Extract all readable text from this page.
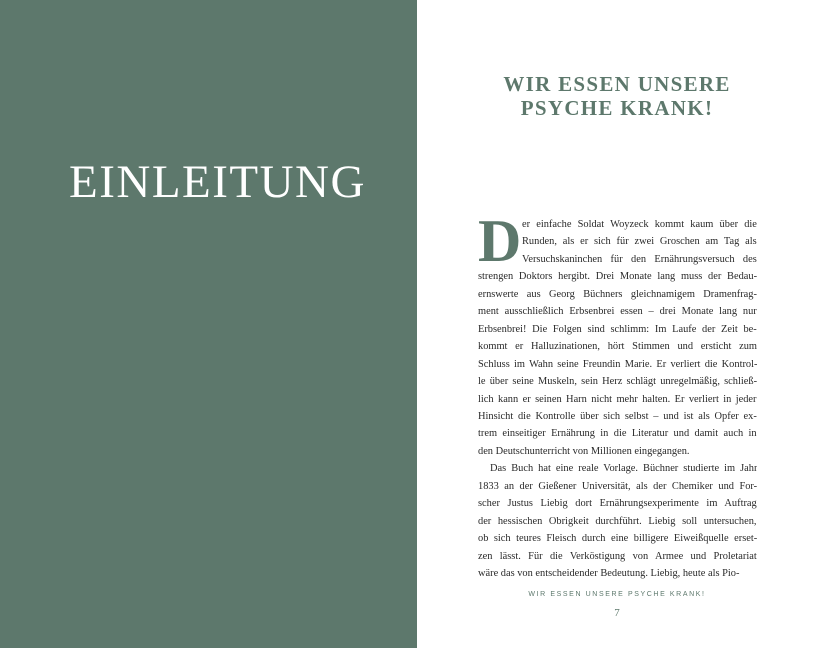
EINLEITUNG
WIR ESSEN UNSERE
PSYCHE KRANK!
D er einfache Soldat Woyzeck kommt kaum über die
Runden, als er sich für zwei Groschen am Tag als
Versuchskaninchen für den Ernährungsversuch des
strengen Doktors hergibt. Drei Monate lang muss der Bedau-
ernswerte aus Georg Büchners gleichnamigem Dramenfrag-
ment ausschließlich Erbsenbrei essen – drei Monate lang nur
Erbsenbrei! Die Folgen sind schlimm: Im Laufe der Zeit be-
kommt er Halluzinationen, hört Stimmen und ersticht zum
Schluss im Wahn seine Freundin Marie. Er verliert die Kontrol-
le über seine Muskeln, sein Herz schlägt unregelmäßig, schließ-
lich kann er seinen Harn nicht mehr halten. Er verliert in jeder
Hinsicht die Kontrolle über sich selbst – und ist als Opfer ex-
trem einseitiger Ernährung in die Literatur und damit auch in
den Deutschunterricht von Millionen eingegangen.
Das Buch hat eine reale Vorlage. Büchner studierte im Jahr
1833 an der Gießener Universität, als der Chemiker und For-
scher Justus Liebig dort Ernährungsexperimente im Auftrag
der hessischen Obrigkeit durchführt. Liebig soll untersuchen,
ob sich teures Fleisch durch eine billigere Eiweißquelle erset-
zen lässt. Für die Verköstigung von Armee und Proletariat
wäre das von entscheidender Bedeutung. Liebig, heute als Pio-
WIR ESSEN UNSERE PSYCHE KRANK!
7
